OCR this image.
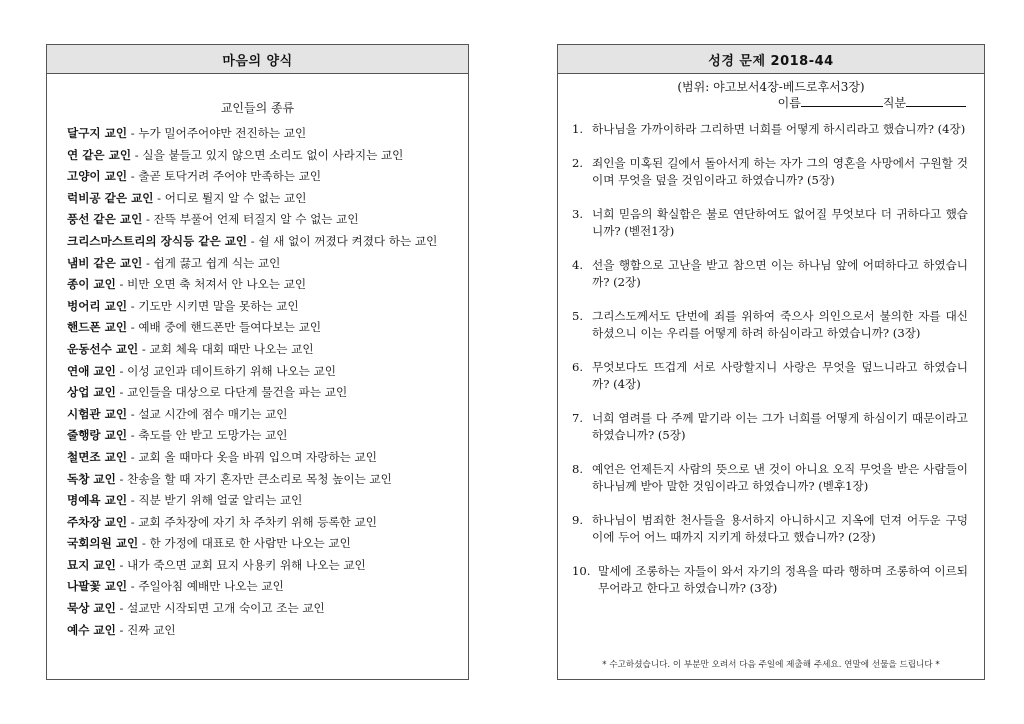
마음의 양식
교인들의 종류
달구지 교인 - 누가 밀어주어야만 전진하는 교인
연 같은 교인 - 실을 붙들고 있지 않으면 소리도 없이 사라지는 교인
고양이 교인 - 출곧 토닥거려 주어야 만족하는 교인
럭비공 같은 교인 - 어디로 튈지 알 수 없는 교인
풍선 같은 교인 - 잔뜩 부풀어 언제 터질지 알 수 없는 교인
크리스마스트리의 장식등 같은 교인 - 쉴 새 없이 꺼졌다 켜졌다 하는 교인
냄비 같은 교인 - 쉽게 끓고 쉽게 식는 교인
종이 교인 - 비만 오면 축 처져서 안 나오는 교인
벙어리 교인 - 기도만 시키면 말을 못하는 교인
핸드폰 교인 - 예배 중에 핸드폰만 들여다보는 교인
운동선수 교인 - 교회 체육 대회 때만 나오는 교인
연애 교인 - 이성 교인과 데이트하기 위해 나오는 교인
상업 교인 - 교인들을 대상으로 다단계 물건을 파는 교인
시험관 교인 - 설교 시간에 점수 매기는 교인
줄행랑 교인 - 축도를 안 받고 도망가는 교인
철면조 교인 - 교회 올 때마다 옷을 바꿔 입으며 자랑하는 교인
독창 교인 - 찬송을 할 때 자기 혼자만 큰소리로 목청 높이는 교인
명예욕 교인 - 직분 받기 위해 얼굴 알리는 교인
주차장 교인 - 교회 주차장에 자기 차 주차키 위해 등록한 교인
국회의원 교인 - 한 가정에 대표로 한 사람만 나오는 교인
묘지 교인 - 내가 죽으면 교회 묘지 사용키 위해 나오는 교인
나팔꽃 교인 - 주일아침 예배만 나오는 교인
묵상 교인 - 설교만 시작되면 고개 숙이고 조는 교인
예수 교인 - 진짜 교인
성경 문제 2018-44
(범위: 야고보서4장-베드로후서3장)
이름	직분
1. 하나님을 가까이하라 그리하면 너희를 어떻게 하시리라고 했습니까? (4장)
2. 죄인을 미혹된 길에서 돌아서게 하는 자가 그의 영혼을 사망에서 구원할 것이며 무엇을 덮을 것임이라고 하였습니까? (5장)
3. 너희 믿음의 확실함은 불로 연단하여도 없어질 무엇보다 더 귀하다고 했습니까? (벧전1장)
4. 선을 행함으로 고난을 받고 참으면 이는 하나님 앞에 어떠하다고 하였습니까? (2장)
5. 그리스도께서도 단번에 죄를 위하여 죽으사 의인으로서 불의한 자를 대신하셨으니 이는 우리를 어떻게 하려 하심이라고 하였습니까? (3장)
6. 무엇보다도 뜨겁게 서로 사랑할지니 사랑은 무엇을 덮느니라고 하였습니까? (4장)
7. 너희 염려를 다 주께 맡기라 이는 그가 너희를 어떻게 하심이기 때문이라고 하였습니까? (5장)
8. 예언은 언제든지 사람의 뜻으로 낸 것이 아니요 오직 무엇을 받은 사람들이 하나님께 받아 말한 것임이라고 하였습니까? (벧후1장)
9. 하나님이 범죄한 천사들을 용서하지 아니하시고 지옥에 던져 어두운 구덩이에 두어 어느 때까지 지키게 하셨다고 했습니까? (2장)
10. 말세에 조롱하는 자들이 와서 자기의 정욕을 따라 행하며 조롱하여 이르되 무어라고 한다고 하였습니까? (3장)
* 수고하셨습니다. 이 부분만 오려서 다음 주일에 제출해 주세요. 연말에 선물을 드립니다 *
